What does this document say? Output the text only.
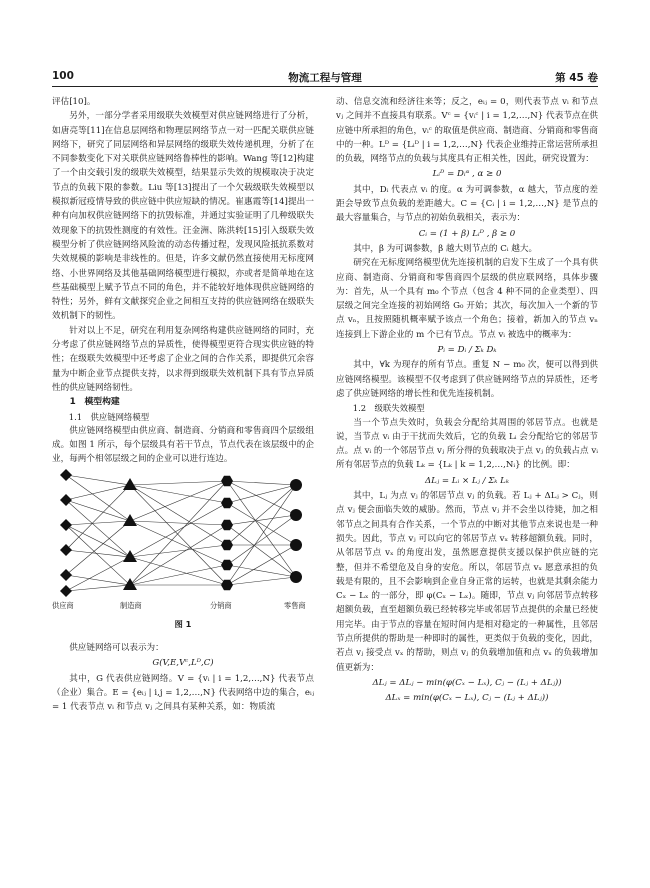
100	物流工程与管理	第 45 卷

评估[10]。

另外，一部分学者采用级联失效模型对供应链网络进行了分析，如唐亮等[11]在信息层网络和物理层网络节点一对一匹配关联供应链网络下，研究了同层网络和异层网络的级联失效传递机理，分析了在不同参数变化下对关联供应链网络鲁棒性的影响。Wang 等[12]构建了一个由交载引发的级联失效模型，结果显示失效的规模取决于决定节点的负载下限的参数。Liu 等[13]提出了一个欠载级联失效模型以模拟新冠疫情导致的供应链中供应短缺的情况。崔惠霞等[14]提出一种有向加权供应链网络下的抗毁标准，并通过实验证明了几种级联失效现象下的抗毁性测度的有效性。汪金洲、陈洪转[15]引入级联失效模型分析了供应链网络风险流的动态传播过程，发现风险抵抗系数对失效规模的影响是非线性的。但是，许多文献仍然直接使用无标度网络、小世界网络及其他基础网络模型进行模拟，亦或者是简单地在这些基础模型上赋予节点不同的角色，并不能较好地体现供应链网络的特性；另外，鲜有文献探究企业之间相互支持的供应链网络在级联失效机制下的韧性。

针对以上不足，研究在利用复杂网络构建供应链网络的同时，充分考虑了供应链网络节点的异质性，使得模型更符合现实供应链的特性；在级联失效模型中还考虑了企业之间的合作关系，即提供冗余容量为中断企业节点提供支持，以求得到级联失效机制下具有节点异质性的供应链网络韧性。

1　模型构建

1.1　供应链网络模型

供应链网络模型由供应商、制造商、分销商和零售商四个层级组成。如图 1 所示，每个层级具有若干节点，节点代表在该层级中的企业，每两个相邻层级之间的企业可以进行连边。

供应商	制造商	分销商	零售商
图 1

供应链网络可以表示为：

G(V,E,Vᶜ,Lᴰ,C)

其中，G 代表供应链网络。V = {vᵢ | i = 1,2,…,N} 代表节点（企业）集合。E = {eᵢⱼ | i,j = 1,2,…,N} 代表网络中边的集合，eᵢⱼ = 1 代表节点 vᵢ 和节点 vⱼ 之间具有某种关系，如：物质流

动、信息交流和经济往来等；反之，eᵢⱼ = 0，则代表节点 vᵢ 和节点 vⱼ 之间并不直接具有联系。Vᶜ = {vᵢᶜ | i = 1,2,…,N} 代表节点在供应链中所承担的角色，vᵢᶜ 的取值是供应商、制造商、分销商和零售商中的一种。Lᴰ = {Lᵢᴰ | i = 1,2,…,N} 代表企业维持正常运营所承担的负载，网络节点的负载与其度具有正相关性，因此，研究设置为：

Lᵢᴰ = Dᵢᵅ , α ≥ 0

其中，Dᵢ 代表点 vᵢ 的度。α 为可调参数，α 越大，节点度的差距会导致节点负载的差距越大。C = {Cᵢ | i = 1,2,…,N} 是节点的最大容量集合，与节点的初始负载相关，表示为：

Cᵢ = (1 + β) Lᵢᴰ , β ≥ 0

其中，β 为可调参数，β 越大则节点的 Cᵢ 越大。

研究在无标度网络模型优先连接机制的启发下生成了一个具有供应商、制造商、分销商和零售商四个层级的供应联网络，具体步骤为：首先，从一个具有 m₀ 个节点（包含 4 种不同的企业类型）、四层级之间完全连接的初始网络 G₀ 开始；其次，每次加入一个新的节点 vₙ，且按照随机概率赋予该点一个角色；接着，新加入的节点 vₙ 连接到上下游企业的 m 个已有节点。节点 vᵢ 被选中的概率为：

Pᵢ = Dᵢ / Σₖ Dₖ

其中，∀k 为现存的所有节点。重复 N − m₀ 次，便可以得到供应链网络模型。该模型不仅考虑到了供应链网络节点的异质性，还考虑了供应链网络的增长性和优先连接机制。

1.2　级联失效模型

当一个节点失效时，负载会分配给其周围的邻居节点。也就是说，当节点 vᵢ 由于干扰而失效后，它的负载 Lᵢ 会分配给它的邻居节点。点 vᵢ 的一个邻居节点 vⱼ 所分得的负载取决于点 vⱼ 的负载占点 vᵢ 所有邻居节点的负载 Lₖ = {Lₖ | k = 1,2,…,Nᵢ} 的比例。即：

ΔLⱼ = Lᵢ × Lⱼ / Σₖ Lₖ

其中，Lⱼ 为点 vⱼ 的邻居节点 vⱼ 的负载。若 Lⱼ + ΔLⱼ > Cⱼ，则点 vⱼ 便会面临失效的威胁。然而，节点 vⱼ 并不会坐以待毙，加之相邻节点之间具有合作关系，一个节点的中断对其他节点来说也是一种损失。因此，节点 vⱼ 可以向它的邻居节点 vₓ 转移超额负载。同时，从邻居节点 vₓ 的角度出发，虽然愿意提供支援以保护供应链的完整，但并不希望危及自身的安危。所以，邻居节点 vₓ 愿意承担的负载是有限的，且不会影响到企业自身正常的运转，也就是其剩余能力 Cₓ − Lₓ 的一部分，即 φ(Cₓ − Lₓ)。随即，节点 vⱼ 向邻居节点转移超额负载，直至超额负载已经转移完毕或邻居节点提供的余量已经使用完毕。由于节点的容量在短时间内是相对稳定的一种属性，且邻居节点所提供的帮助是一种即时的属性，更类似于负载的变化，因此，若点 vⱼ 接受点 vₓ 的帮助，则点 vⱼ 的负载增加值和点 vₓ 的负载增加值更新为：

ΔLⱼ = ΔLⱼ − min(φ(Cₓ − Lₓ), Cⱼ − (Lⱼ + ΔLⱼ))
ΔLₓ = min(φ(Cₓ − Lₓ), Cⱼ − (Lⱼ + ΔLⱼ))
